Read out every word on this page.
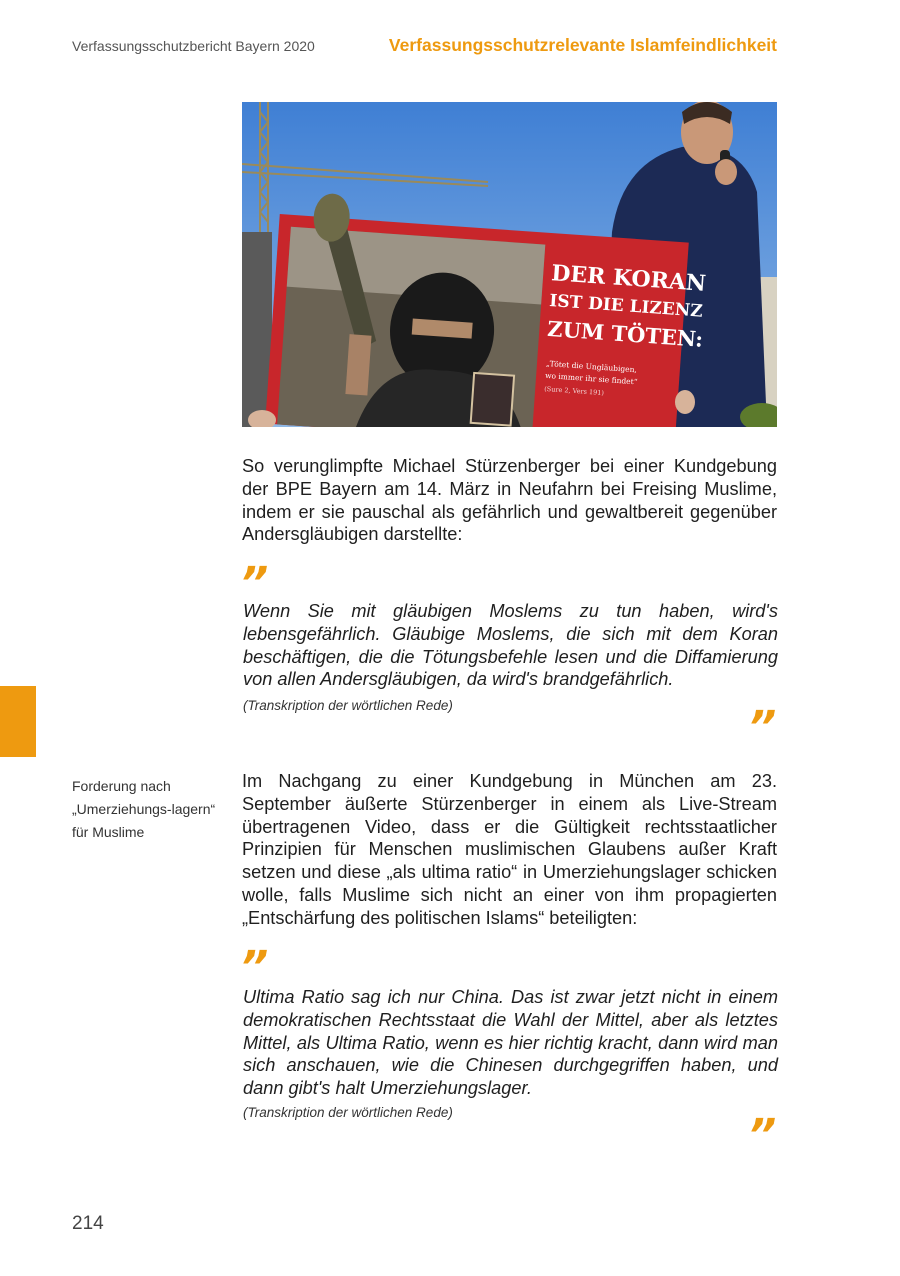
Verfassungsschutzbericht Bayern 2020	Verfassungsschutzrelevante Islamfeindlichkeit
DER KORAN
IST DIE LIZENZ
ZUM TÖTEN:
„Tötet die Ungläubigen,
wo immer ihr sie findet“
(Sure 2, Vers 191)
So verunglimpfte Michael Stürzenberger bei einer Kundgebung der BPE Bayern am 14. März in Neufahrn bei Freising Muslime, indem er sie pauschal als gefährlich und gewaltbereit gegenüber Andersgläubigen darstellte:
”
Wenn Sie mit gläubigen Moslems zu tun haben, wird's lebensgefährlich. Gläubige Moslems, die sich mit dem Koran beschäftigen, die die Tötungsbefehle lesen und die Diffamierung von allen Andersgläubigen, da wird's brandgefährlich.
(Transkription der wörtlichen Rede)	”
Forderung nach „Umerziehungs-lagern“ für Muslime
Im Nachgang zu einer Kundgebung in München am 23. September äußerte Stürzenberger in einem als Live-Stream übertragenen Video, dass er die Gültigkeit rechtsstaatlicher Prinzipien für Menschen muslimischen Glaubens außer Kraft setzen und diese „als ultima ratio“ in Umerziehungslager schicken wolle, falls Muslime sich nicht an einer von ihm propagierten „Entschärfung des politischen Islams“ beteiligten:
”
Ultima Ratio sag ich nur China. Das ist zwar jetzt nicht in einem demokratischen Rechtsstaat die Wahl der Mittel, aber als letztes Mittel, als Ultima Ratio, wenn es hier richtig kracht, dann wird man sich anschauen, wie die Chinesen durchgegriffen haben, und dann gibt's halt Umerziehungslager.
(Transkription der wörtlichen Rede)	”
214
